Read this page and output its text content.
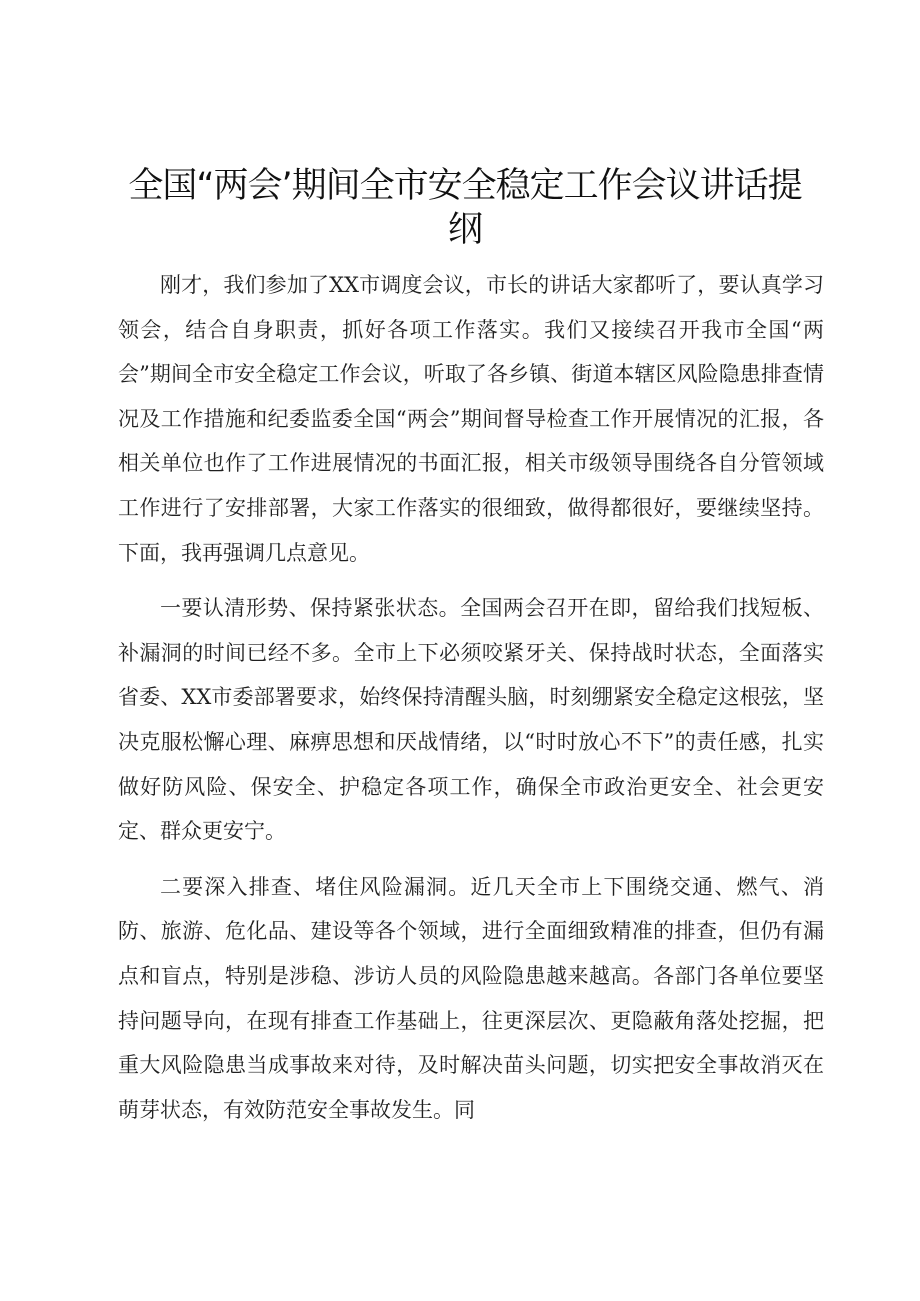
全国“两会’期间全市安全稳定工作会议讲话提纲

刚才，我们参加了XX市调度会议，市长的讲话大家都听了，要认真学习领会，结合自身职责，抓好各项工作落实。我们又接续召开我市全国“两会”期间全市安全稳定工作会议，听取了各乡镇、街道本辖区风险隐患排查情况及工作措施和纪委监委全国“两会”期间督导检查工作开展情况的汇报，各相关单位也作了工作进展情况的书面汇报，相关市级领导围绕各自分管领域工作进行了安排部署，大家工作落实的很细致，做得都很好，要继续坚持。下面，我再强调几点意见。

一要认清形势、保持紧张状态。全国两会召开在即，留给我们找短板、补漏洞的时间已经不多。全市上下必须咬紧牙关、保持战时状态，全面落实省委、XX市委部署要求，始终保持清醒头脑，时刻绷紧安全稳定这根弦，坚决克服松懈心理、麻痹思想和厌战情绪，以“时时放心不下”的责任感，扎实做好防风险、保安全、护稳定各项工作，确保全市政治更安全、社会更安定、群众更安宁。

二要深入排查、堵住风险漏洞。近几天全市上下围绕交通、燃气、消防、旅游、危化品、建设等各个领域，进行全面细致精准的排查，但仍有漏点和盲点，特别是涉稳、涉访人员的风险隐患越来越高。各部门各单位要坚持问题导向，在现有排查工作基础上，往更深层次、更隐蔽角落处挖掘，把重大风险隐患当成事故来对待，及时解决苗头问题，切实把安全事故消灭在萌芽状态，有效防范安全事故发生。同
